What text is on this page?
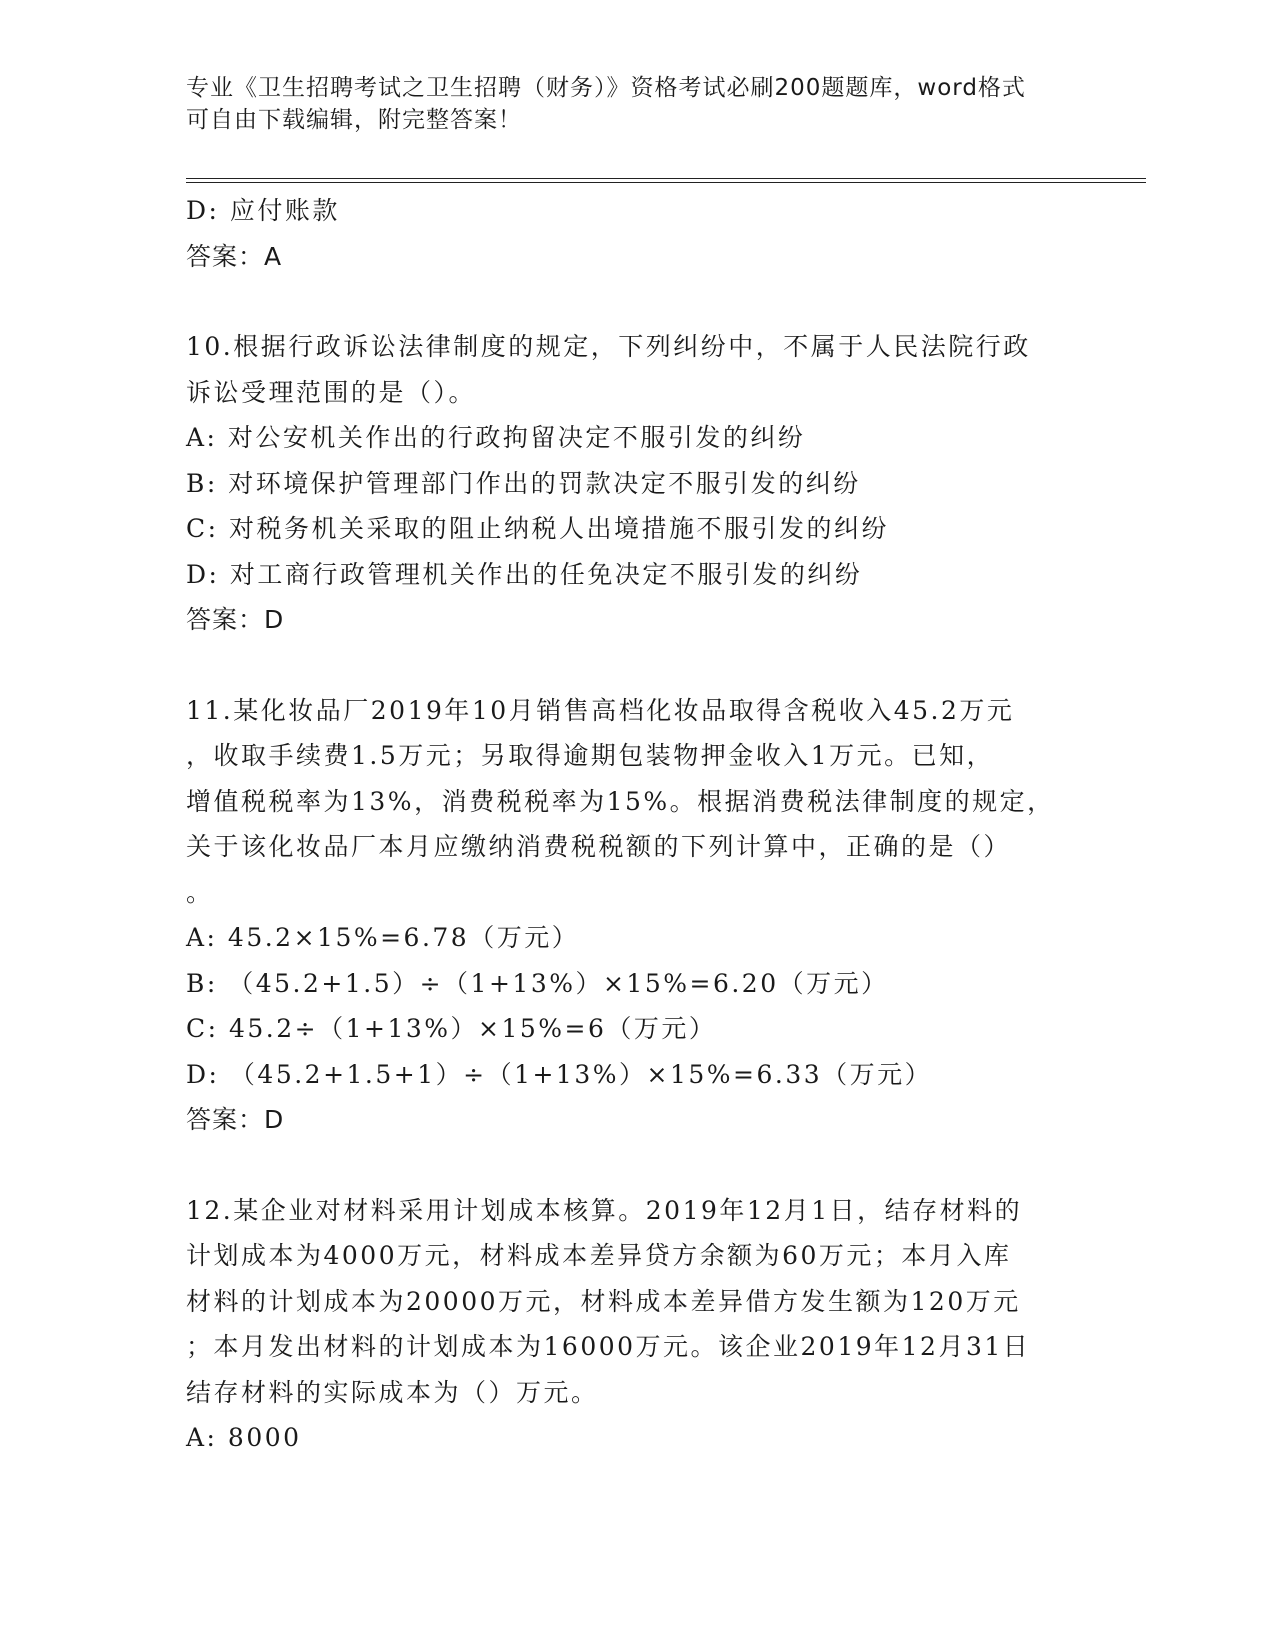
专业《卫生招聘考试之卫生招聘（财务）》资格考试必刷200题题库，word格式
可自由下载编辑，附完整答案！
D: 应付账款
答案：A
10.根据行政诉讼法律制度的规定，下列纠纷中，不属于人民法院行政
诉讼受理范围的是（）。
A: 对公安机关作出的行政拘留决定不服引发的纠纷
B: 对环境保护管理部门作出的罚款决定不服引发的纠纷
C: 对税务机关采取的阻止纳税人出境措施不服引发的纠纷
D: 对工商行政管理机关作出的任免决定不服引发的纠纷
答案：D
11.某化妆品厂2019年10月销售高档化妆品取得含税收入45.2万元
，收取手续费1.5万元；另取得逾期包装物押金收入1万元。已知，
增值税税率为13%，消费税税率为15%。根据消费税法律制度的规定，
关于该化妆品厂本月应缴纳消费税税额的下列计算中，正确的是（）
。
A: 45.2×15%=6.78（万元）
B: （45.2+1.5）÷（1+13%）×15%=6.20（万元）
C: 45.2÷（1+13%）×15%=6（万元）
D: （45.2+1.5+1）÷（1+13%）×15%=6.33（万元）
答案：D
12.某企业对材料采用计划成本核算。2019年12月1日，结存材料的
计划成本为4000万元，材料成本差异贷方余额为60万元；本月入库
材料的计划成本为20000万元，材料成本差异借方发生额为120万元
；本月发出材料的计划成本为16000万元。该企业2019年12月31日
结存材料的实际成本为（）万元。
A: 8000
